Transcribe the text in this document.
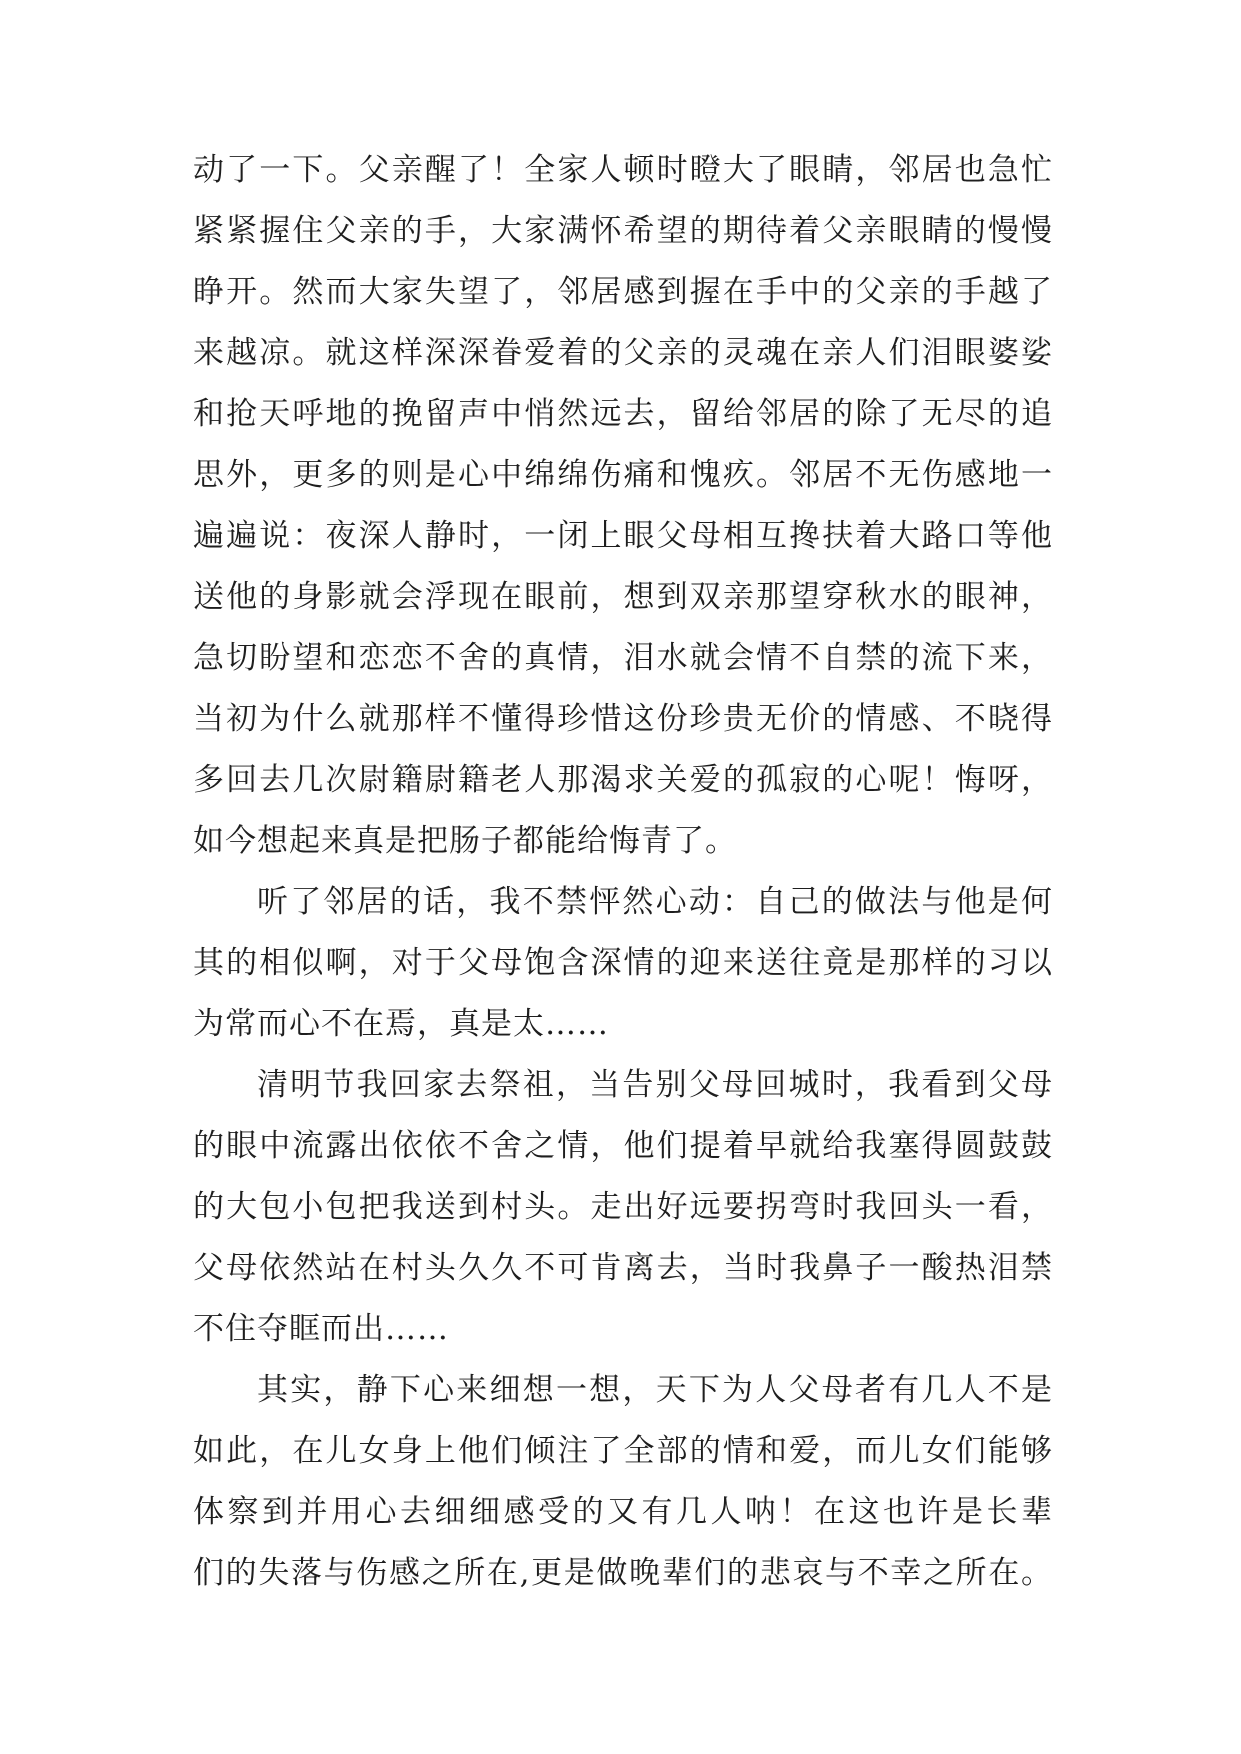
动了一下。父亲醒了！全家人顿时瞪大了眼睛，邻居也急忙
紧紧握住父亲的手，大家满怀希望的期待着父亲眼睛的慢慢
睁开。然而大家失望了，邻居感到握在手中的父亲的手越了
来越凉。就这样深深眷爱着的父亲的灵魂在亲人们泪眼婆娑
和抢天呼地的挽留声中悄然远去，留给邻居的除了无尽的追
思外，更多的则是心中绵绵伤痛和愧疚。邻居不无伤感地一
遍遍说：夜深人静时，一闭上眼父母相互搀扶着大路口等他
送他的身影就会浮现在眼前，想到双亲那望穿秋水的眼神，
急切盼望和恋恋不舍的真情，泪水就会情不自禁的流下来，
当初为什么就那样不懂得珍惜这份珍贵无价的情感、不晓得
多回去几次尉籍尉籍老人那渴求关爱的孤寂的心呢！悔呀，
如今想起来真是把肠子都能给悔青了。
听了邻居的话，我不禁怦然心动：自己的做法与他是何
其的相似啊，对于父母饱含深情的迎来送往竟是那样的习以
为常而心不在焉，真是太……
清明节我回家去祭祖，当告别父母回城时，我看到父母
的眼中流露出依依不舍之情，他们提着早就给我塞得圆鼓鼓
的大包小包把我送到村头。走出好远要拐弯时我回头一看，
父母依然站在村头久久不可肯离去，当时我鼻子一酸热泪禁
不住夺眶而出……
其实，静下心来细想一想，天下为人父母者有几人不是
如此，在儿女身上他们倾注了全部的情和爱，而儿女们能够
体察到并用心去细细感受的又有几人呐！在这也许是长辈
们的失落与伤感之所在,更是做晚辈们的悲哀与不幸之所在。
